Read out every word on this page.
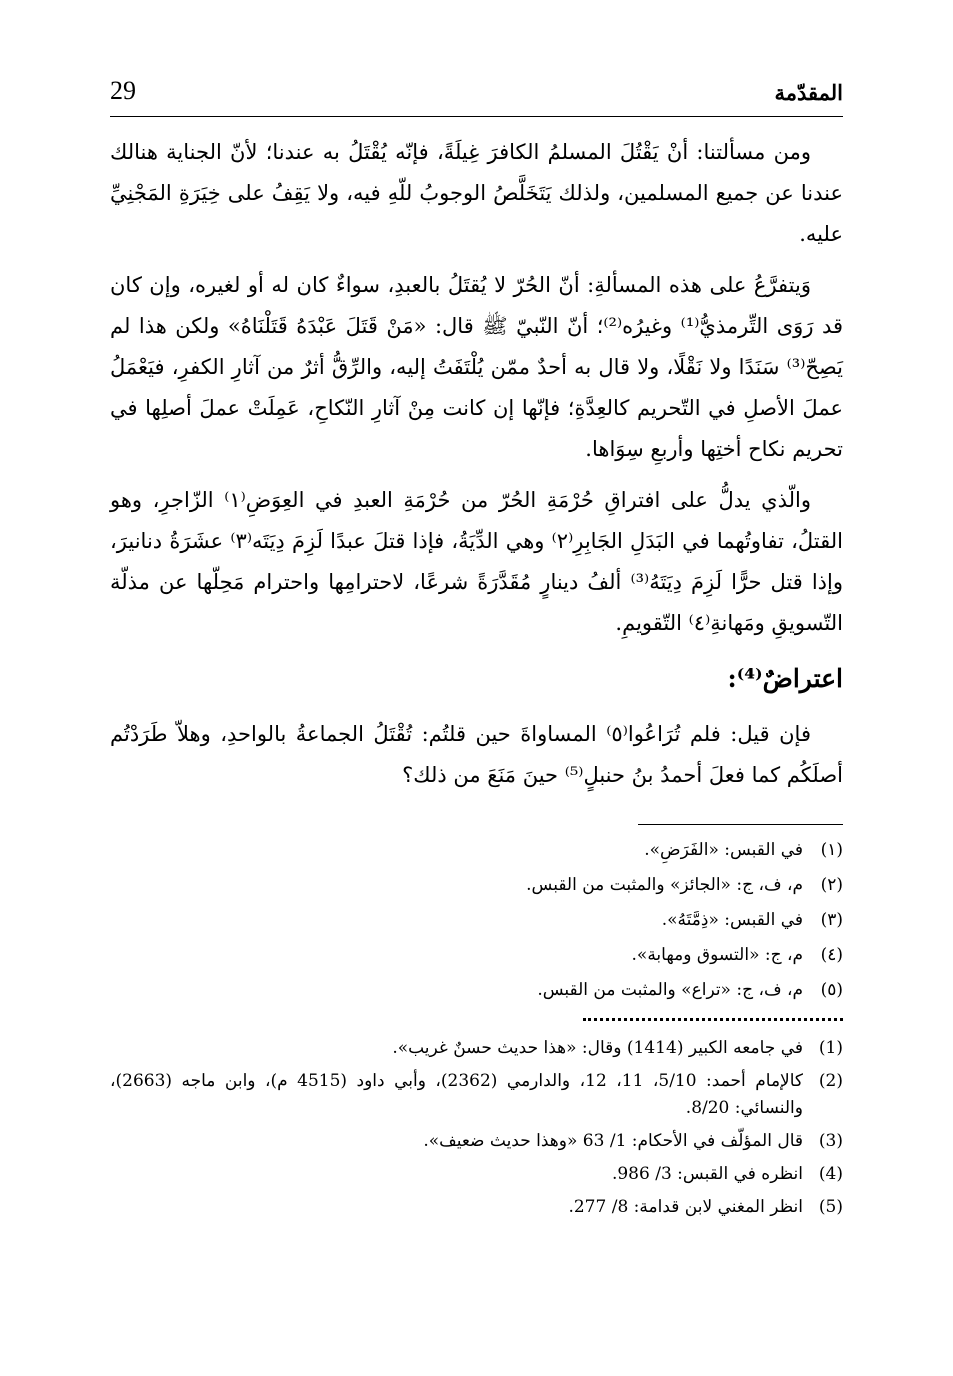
29	المقدّمة

ومن مسألتنا: أنْ يَقْتُلَ المسلمُ الكافرَ غِيلَةً، فإنّه يُقْتَلُ به عندنا؛ لأنّ الجناية هنالك عندنا عن جميع المسلمين، ولذلك يَتَخَلَّصُ الوجوبُ للّهِ فيه، ولا يَقِفُ على خِيَرَةِ المَجْنِيِّ عليه.

وَيتفرَّعُ على هذه المسألةِ: أنّ الحُرّ لا يُقتَلُ بالعبدِ، سواءٌ كان له أو لغيره، وإن كان قد رَوَى التِّرمذيُّ⁽¹⁾ وغيرُه⁽²⁾؛ أنّ النّبيّ ﷺ قال: «مَنْ قَتَلَ عَبْدَهُ قَتَلْنَاهُ» ولكن هذا لم يَصِحّ⁽³⁾ سَنَدًا ولا نَقْلًا، ولا قال به أحدٌ ممّن يُلْتَفَتُ إليه، والرِّقُّ أثرٌ من آثارِ الكفرِ، فيَعْمَلُ عملَ الأصلِ في التّحريم كالعِدَّةِ؛ فإنّها إن كانت مِنْ آثارِ النّكاحِ، عَمِلَتْ عملَ أصلِها في تحريم نكاح أختِها وأربعِ سِوَاها.

والّذي يدلُّ على افتراقِ حُرْمَةِ الحُرّ من حُرْمَةِ العبدِ في العِوَضِ⁽١⁾ الزّاجرِ، وهو القتلُ، تفاوتُهما في البَدَلِ الجَابِرِ⁽٢⁾ وهي الدِّيَةُ، فإذا قتلَ عبدًا لَزِمَ دِيَتَه⁽٣⁾ عشَرَةُ دنانيرَ، وإذا قتل حرًّا لَزِمَ دِيَتَهُ⁽³⁾ ألفُ دينارٍ مُقَدَّرَةً شرعًا، لاحترامِها واحترام مَحِلّها عن مذلّة التّسويقِ ومَهانةِ⁽٤⁾ التّقويمِ.

اعتراضٌ⁽⁴⁾:

فإن قيل: فلم تُرَاعُوا⁽٥⁾ المساواةَ حين قلتُم: تُقْتَلُ الجماعةُ بالواحدِ، وهلاّ طَرَدْتُم أصلَكُم كما فعلَ أحمدُ بنُ حنبلٍ⁽⁵⁾ حينَ مَنَعَ من ذلك؟

(١)
في القبس: «الفَرَضِ».
(٢)
م، ف، ج: «الجائز» والمثبت من القبس.
(٣)
في القبس: «ذِمَّتَهُ».
(٤)
م، ج: «التسوق ومهابة».
(٥)
م، ف، ج: «تراع» والمثبت من القبس.
(1)
في جامعه الكبير (1414) وقال: «هذا حديث حسنٌ غريب».
(2)
كالإمام أحمد: 5/10، 11، 12، والدارمي (2362)، وأبي داود (4515 م)، وابن ماجه (2663)، والنسائي: 8/20.
(3)
قال المؤلّف في الأحكام: 1/ 63 «وهذا حديث ضعيف».
(4)
انظره في القبس: 3/ 986.
(5)
انظر المغني لابن قدامة: 8/ 277.
